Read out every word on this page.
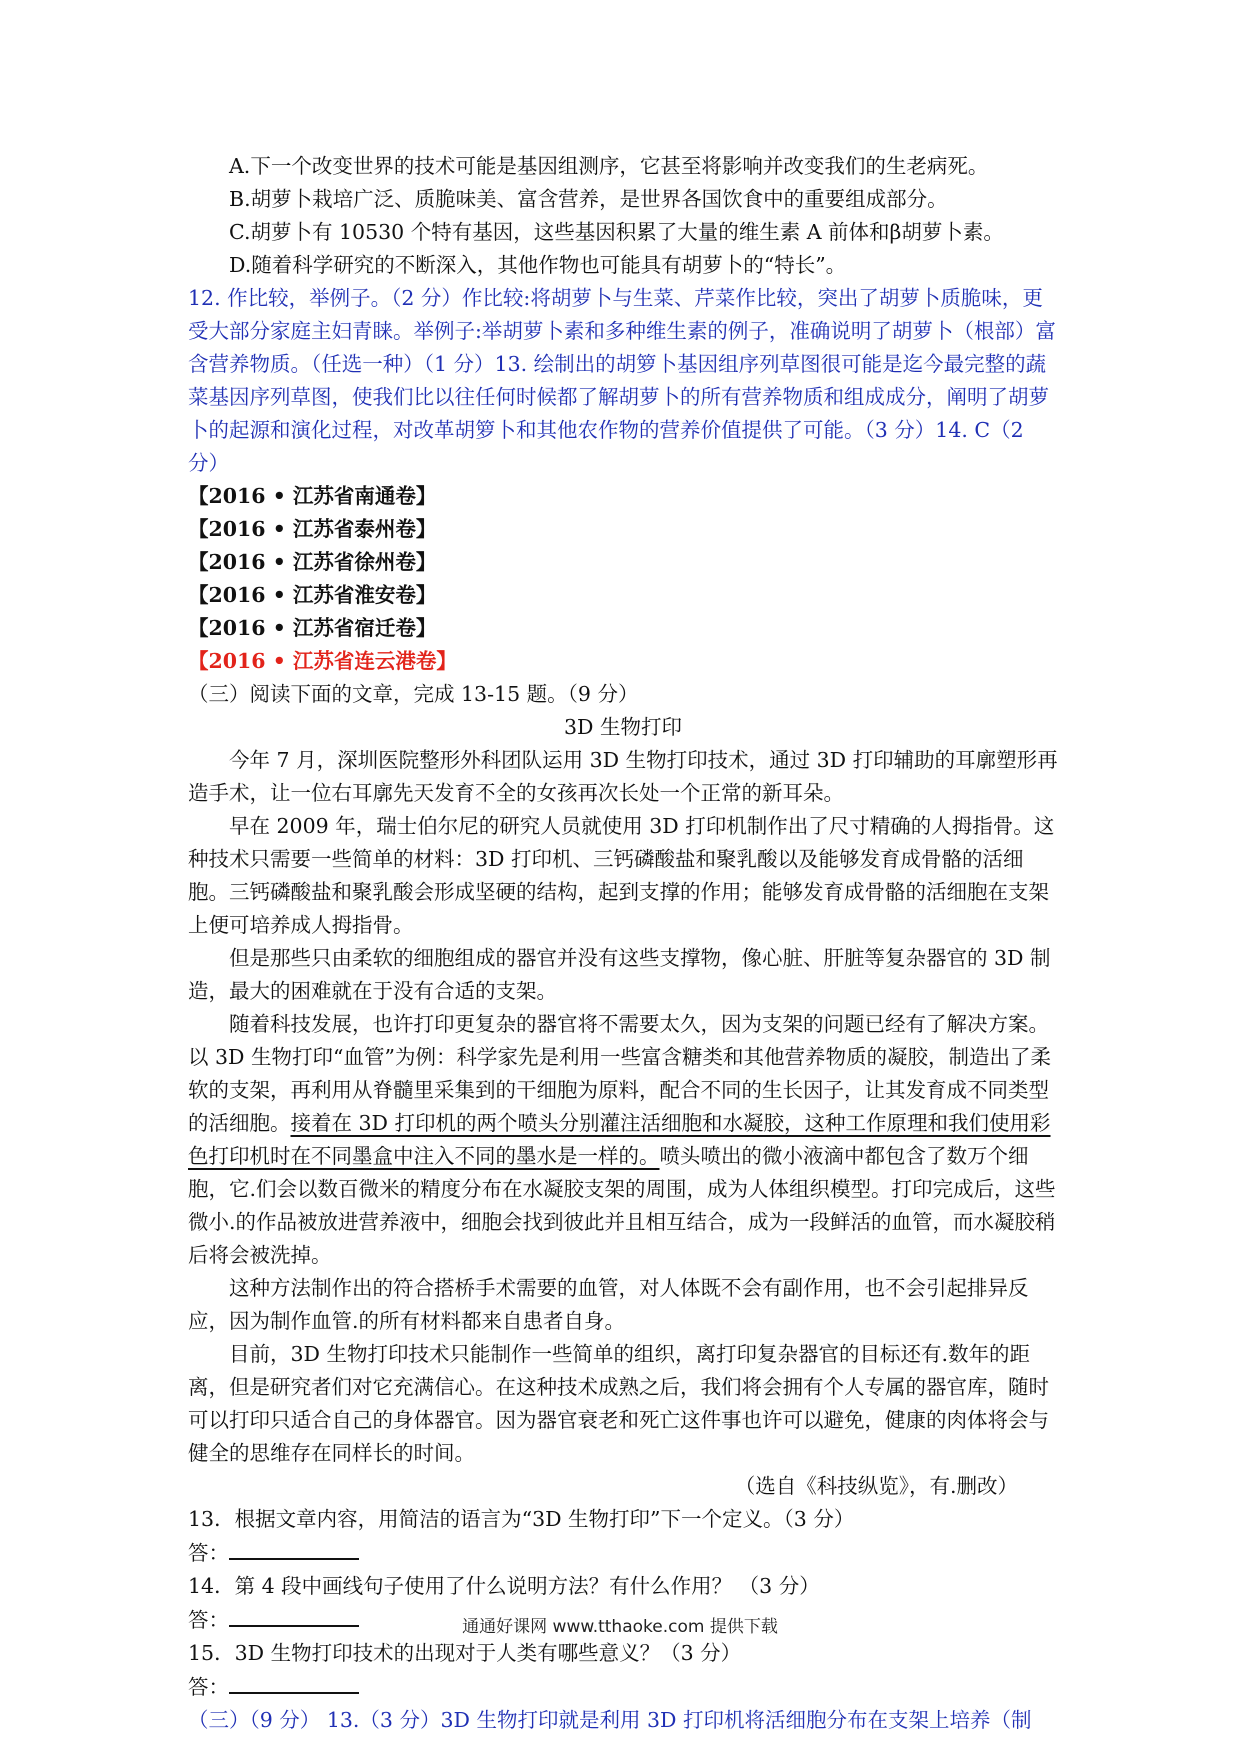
A.下一个改变世界的技术可能是基因组测序，它甚至将影响并改变我们的生老病死。

B.胡萝卜栽培广泛、质脆味美、富含营养，是世界各国饮食中的重要组成部分。

C.胡萝卜有 10530 个特有基因，这些基因积累了大量的维生素 A 前体和β胡萝卜素。

D.随着科学研究的不断深入，其他作物也可能具有胡萝卜的“特长”。

12. 作比较，举例子。（2 分）作比较:将胡萝卜与生菜、芹菜作比较，突出了胡萝卜质脆味，更受大部分家庭主妇青睐。举例子:举胡萝卜素和多种维生素的例子，准确说明了胡萝卜（根部）富含营养物质。（任选一种）（1 分）13. 绘制出的胡箩卜基因组序列草图很可能是迄今最完整的蔬菜基因序列草图，使我们比以往任何时候都了解胡萝卜的所有营养物质和组成成分，阐明了胡萝卜的起源和演化过程，对改革胡箩卜和其他农作物的营养价值提供了可能。（3 分）14. C（2 分）

【2016 • 江苏省南通卷】

【2016 • 江苏省泰州卷】

【2016 • 江苏省徐州卷】

【2016 • 江苏省淮安卷】

【2016 • 江苏省宿迁卷】

【2016 • 江苏省连云港卷】

（三）阅读下面的文章，完成 13-15 题。（9 分）

3D 生物打印

今年 7 月，深圳医院整形外科团队运用 3D 生物打印技术，通过 3D 打印辅助的耳廓塑形再造手术，让一位右耳廓先天发育不全的女孩再次长处一个正常的新耳朵。

早在 2009 年，瑞士伯尔尼的研究人员就使用 3D 打印机制作出了尺寸精确的人拇指骨。这种技术只需要一些简单的材料：3D 打印机、三钙磷酸盐和聚乳酸以及能够发育成骨骼的活细胞。三钙磷酸盐和聚乳酸会形成坚硬的结构，起到支撑的作用；能够发育成骨骼的活细胞在支架上便可培养成人拇指骨。

但是那些只由柔软的细胞组成的器官并没有这些支撑物，像心脏、肝脏等复杂器官的 3D 制造，最大的困难就在于没有合适的支架。

随着科技发展，也许打印更复杂的器官将不需要太久，因为支架的问题已经有了解决方案。以 3D 生物打印“血管”为例：科学家先是利用一些富含糖类和其他营养物质的凝胶，制造出了柔软的支架，再利用从脊髓里采集到的干细胞为原料，配合不同的生长因子，让其发育成不同类型的活细胞。接着在 3D 打印机的两个喷头分别灌注活细胞和水凝胶，这种工作原理和我们使用彩色打印机时在不同墨盒中注入不同的墨水是一样的。喷头喷出的微小液滴中都包含了数万个细胞，它.们会以数百微米的精度分布在水凝胶支架的周围，成为人体组织模型。打印完成后，这些微小.的作品被放进营养液中，细胞会找到彼此并且相互结合，成为一段鲜活的血管，而水凝胶稍后将会被洗掉。

这种方法制作出的符合搭桥手术需要的血管，对人体既不会有副作用，也不会引起排异反应，因为制作血管.的所有材料都来自患者自身。

目前，3D 生物打印技术只能制作一些简单的组织，离打印复杂器官的目标还有.数年的距离，但是研究者们对它充满信心。在这种技术成熟之后，我们将会拥有个人专属的器官库，随时可以打印只适合自己的身体器官。因为器官衰老和死亡这件事也许可以避免，健康的肉体将会与健全的思维存在同样长的时间。

（选自《科技纵览》，有.删改）

13．根据文章内容，用简洁的语言为“3D 生物打印”下一个定义。（3 分）

答：

14．第 4 段中画线句子使用了什么说明方法？有什么作用？ （3 分）

答：

15．3D 生物打印技术的出现对于人类有哪些意义？（3 分）

答：

（三）（9 分） 13.（3 分）3D 生物打印就是利用 3D 打印机将活细胞分布在支架上培养（制

通通好课网 www.tthaoke.com 提供下载
